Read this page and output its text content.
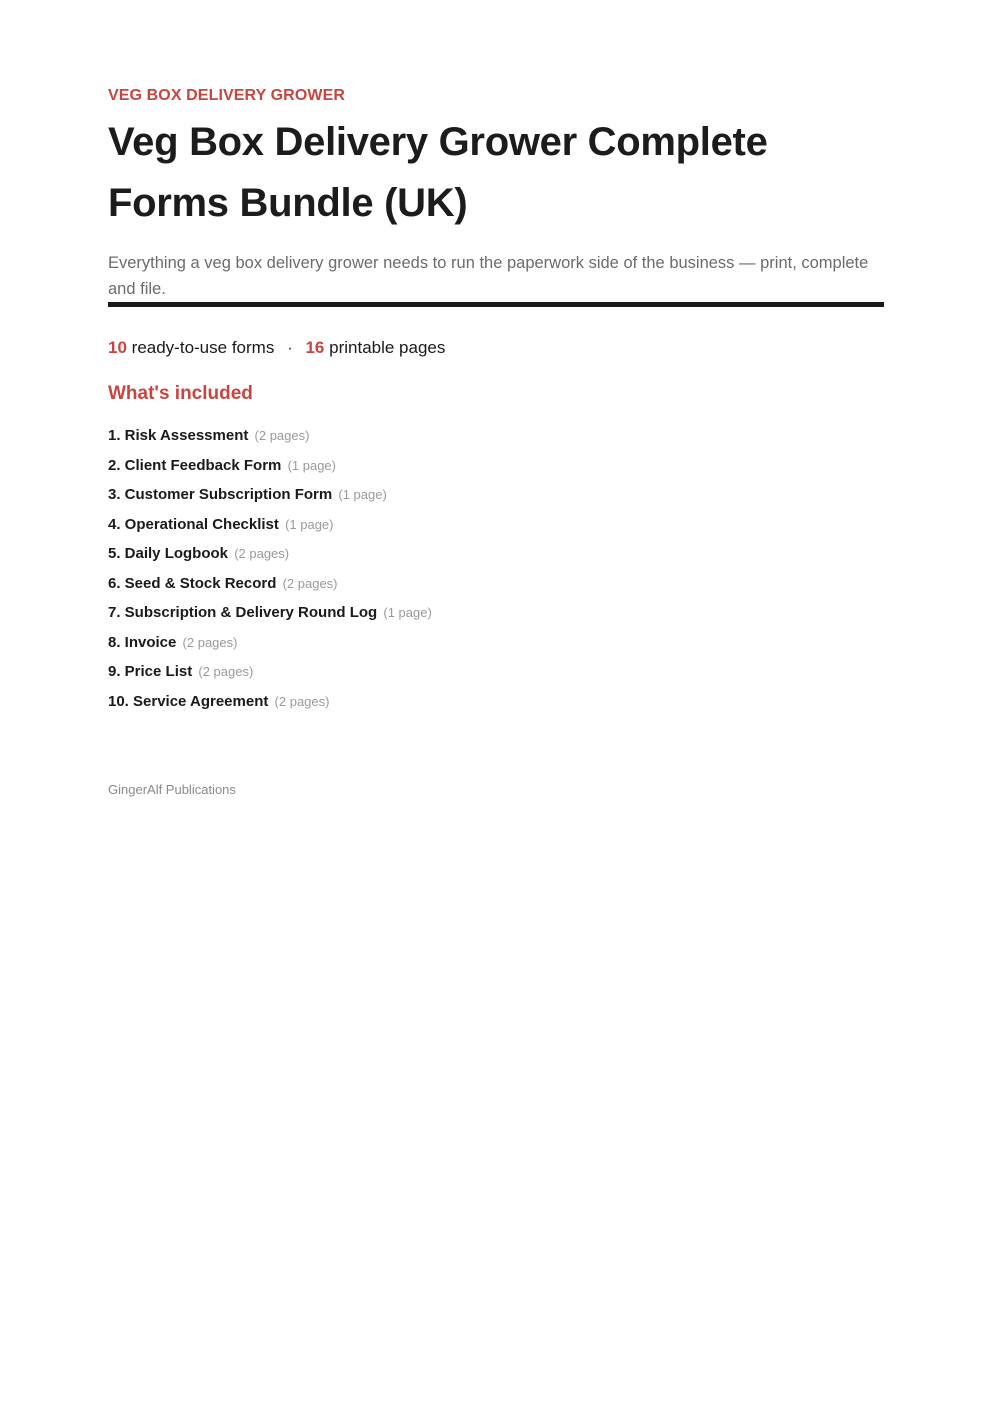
VEG BOX DELIVERY GROWER

Veg Box Delivery Grower Complete Forms Bundle (UK)

Everything a veg box delivery grower needs to run the paperwork side of the business — print, complete and file.

10 ready-to-use forms · 16 printable pages
What's included
1. Risk Assessment (2 pages)
2. Client Feedback Form (1 page)
3. Customer Subscription Form (1 page)
4. Operational Checklist (1 page)
5. Daily Logbook (2 pages)
6. Seed & Stock Record (2 pages)
7. Subscription & Delivery Round Log (1 page)
8. Invoice (2 pages)
9. Price List (2 pages)
10. Service Agreement (2 pages)
GingerAlf Publications
